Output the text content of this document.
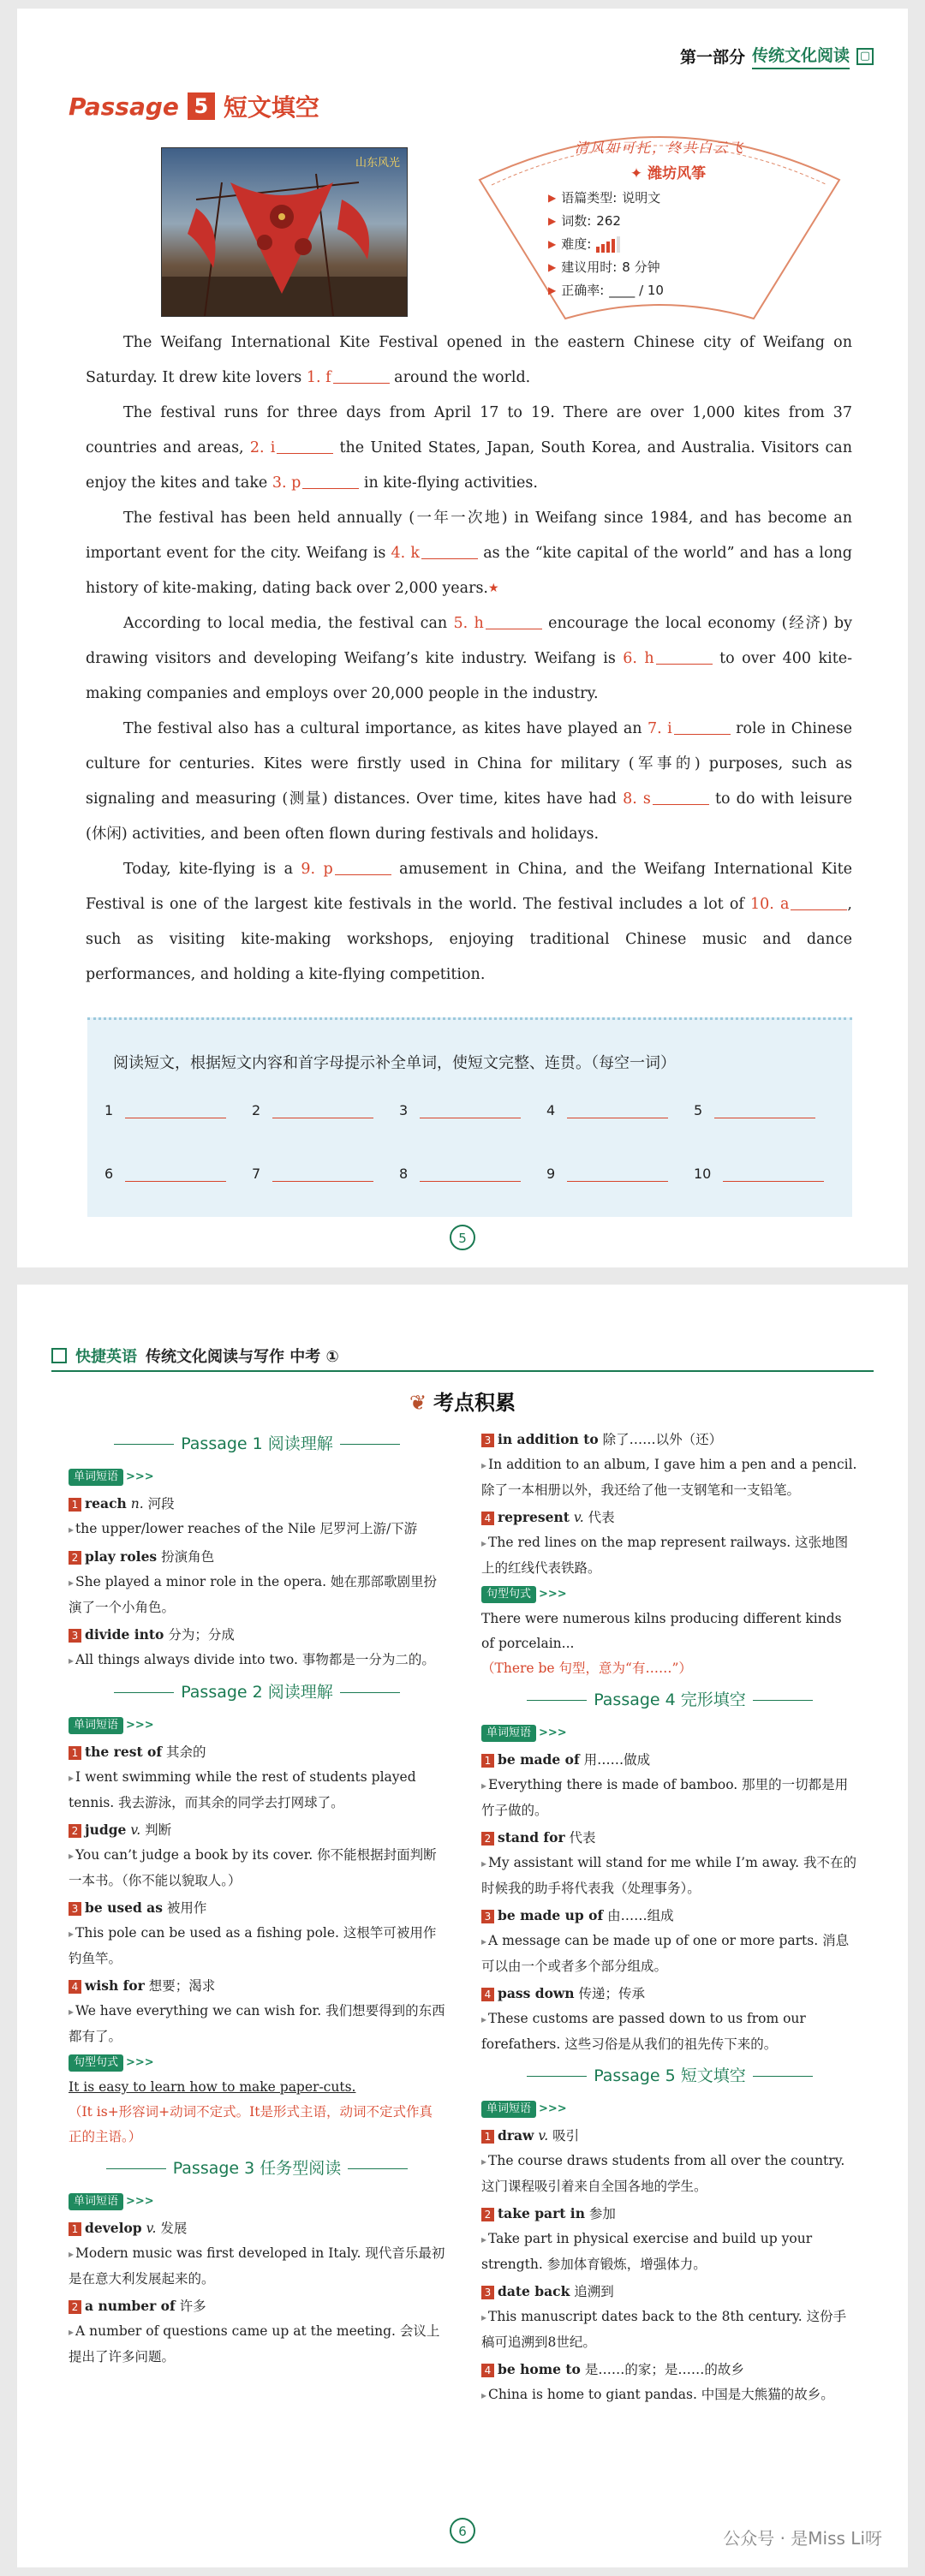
第一部分 传统文化阅读 ▢
Passage 5 短文填空
山东风光
清风如可托，终共白云飞
✦ 潍坊风筝
▶ 语篇类型: 说明文
▶ 词数: 262
▶ 难度:
▶ 建议用时: 8 分钟
▶ 正确率: ____ / 10

The Weifang International Kite Festival opened in the eastern Chinese city of Weifang on Saturday. It drew kite lovers 1. f	around the world.

The festival runs for three days from April 17 to 19. There are over 1,000 kites from 37 countries and areas, 2. i	the United States, Japan, South Korea, and Australia. Visitors can enjoy the kites and take 3. p	in kite-flying activities.

The festival has been held annually (一年一次地) in Weifang since 1984, and has become an important event for the city. Weifang is 4. k	as the “kite capital of the world” and has a long history of kite-making, dating back over 2,000 years.★

According to local media, the festival can 5. h	encourage the local economy (经济) by drawing visitors and developing Weifang’s kite industry. Weifang is 6. h	to over 400 kite-making companies and employs over 20,000 people in the industry.

The festival also has a cultural importance, as kites have played an 7. i	role in Chinese culture for centuries. Kites were firstly used in China for military (军事的) purposes, such as signaling and measuring (测量) distances. Over time, kites have had 8. s	to do with leisure (休闲) activities, and been often flown during festivals and holidays.

Today, kite-flying is a 9. p	amusement in China, and the Weifang International Kite Festival is one of the largest kite festivals in the world. The festival includes a lot of 10. a	, such as visiting kite-making workshops, enjoying traditional Chinese music and dance performances, and holding a kite-flying competition.

阅读短文，根据短文内容和首字母提示补全单词，使短文完整、连贯。（每空一词）
1	2	3	4	5
6	7	8	9	10
5
快捷英语 传统文化阅读与写作 中考 ①
❦ 考点积累
Passage 1 阅读理解
单词短语 >>>
1 reach n. 河段

▸ the upper/lower reaches of the Nile 尼罗河上游/下游

2 play roles 扮演角色

▸ She played a minor role in the opera. 她在那部歌剧里扮演了一个小角色。

3 divide into 分为；分成

▸ All things always divide into two. 事物都是一分为二的。

Passage 2 阅读理解
单词短语 >>>
1 the rest of 其余的

▸ I went swimming while the rest of students played tennis. 我去游泳，而其余的同学去打网球了。

2 judge v. 判断

▸ You can’t judge a book by its cover. 你不能根据封面判断一本书。（你不能以貌取人。）

3 be used as 被用作

▸ This pole can be used as a fishing pole. 这根竿可被用作钓鱼竿。

4 wish for 想要；渴求

▸ We have everything we can wish for. 我们想要得到的东西都有了。

句型句式 >>>

It is easy to learn how to make paper-cuts.

（It is+形容词+动词不定式。It是形式主语，动词不定式作真正的主语。）

Passage 3 任务型阅读
单词短语 >>>
1 develop v. 发展

▸ Modern music was first developed in Italy. 现代音乐最初是在意大利发展起来的。

2 a number of 许多

▸ A number of questions came up at the meeting. 会议上提出了许多问题。

3 in addition to 除了……以外（还）

▸ In addition to an album, I gave him a pen and a pencil. 除了一本相册以外，我还给了他一支钢笔和一支铅笔。

4 represent v. 代表

▸ The red lines on the map represent railways. 这张地图上的红线代表铁路。

句型句式 >>>

There were numerous kilns producing different kinds of porcelain...

（There be 句型，意为“有……”）

Passage 4 完形填空
单词短语 >>>
1 be made of 用……做成

▸ Everything there is made of bamboo. 那里的一切都是用竹子做的。

2 stand for 代表

▸ My assistant will stand for me while I’m away. 我不在的时候我的助手将代表我（处理事务）。

3 be made up of 由……组成

▸ A message can be made up of one or more parts. 消息可以由一个或者多个部分组成。

4 pass down 传递；传承

▸ These customs are passed down to us from our forefathers. 这些习俗是从我们的祖先传下来的。

Passage 5 短文填空
单词短语 >>>
1 draw v. 吸引

▸ The course draws students from all over the country. 这门课程吸引着来自全国各地的学生。

2 take part in 参加

▸ Take part in physical exercise and build up your strength. 参加体育锻炼，增强体力。

3 date back 追溯到

▸ This manuscript dates back to the 8th century. 这份手稿可追溯到8世纪。

4 be home to 是……的家；是……的故乡

▸ China is home to giant pandas. 中国是大熊猫的故乡。

6	公众号 · 是Miss Li呀
